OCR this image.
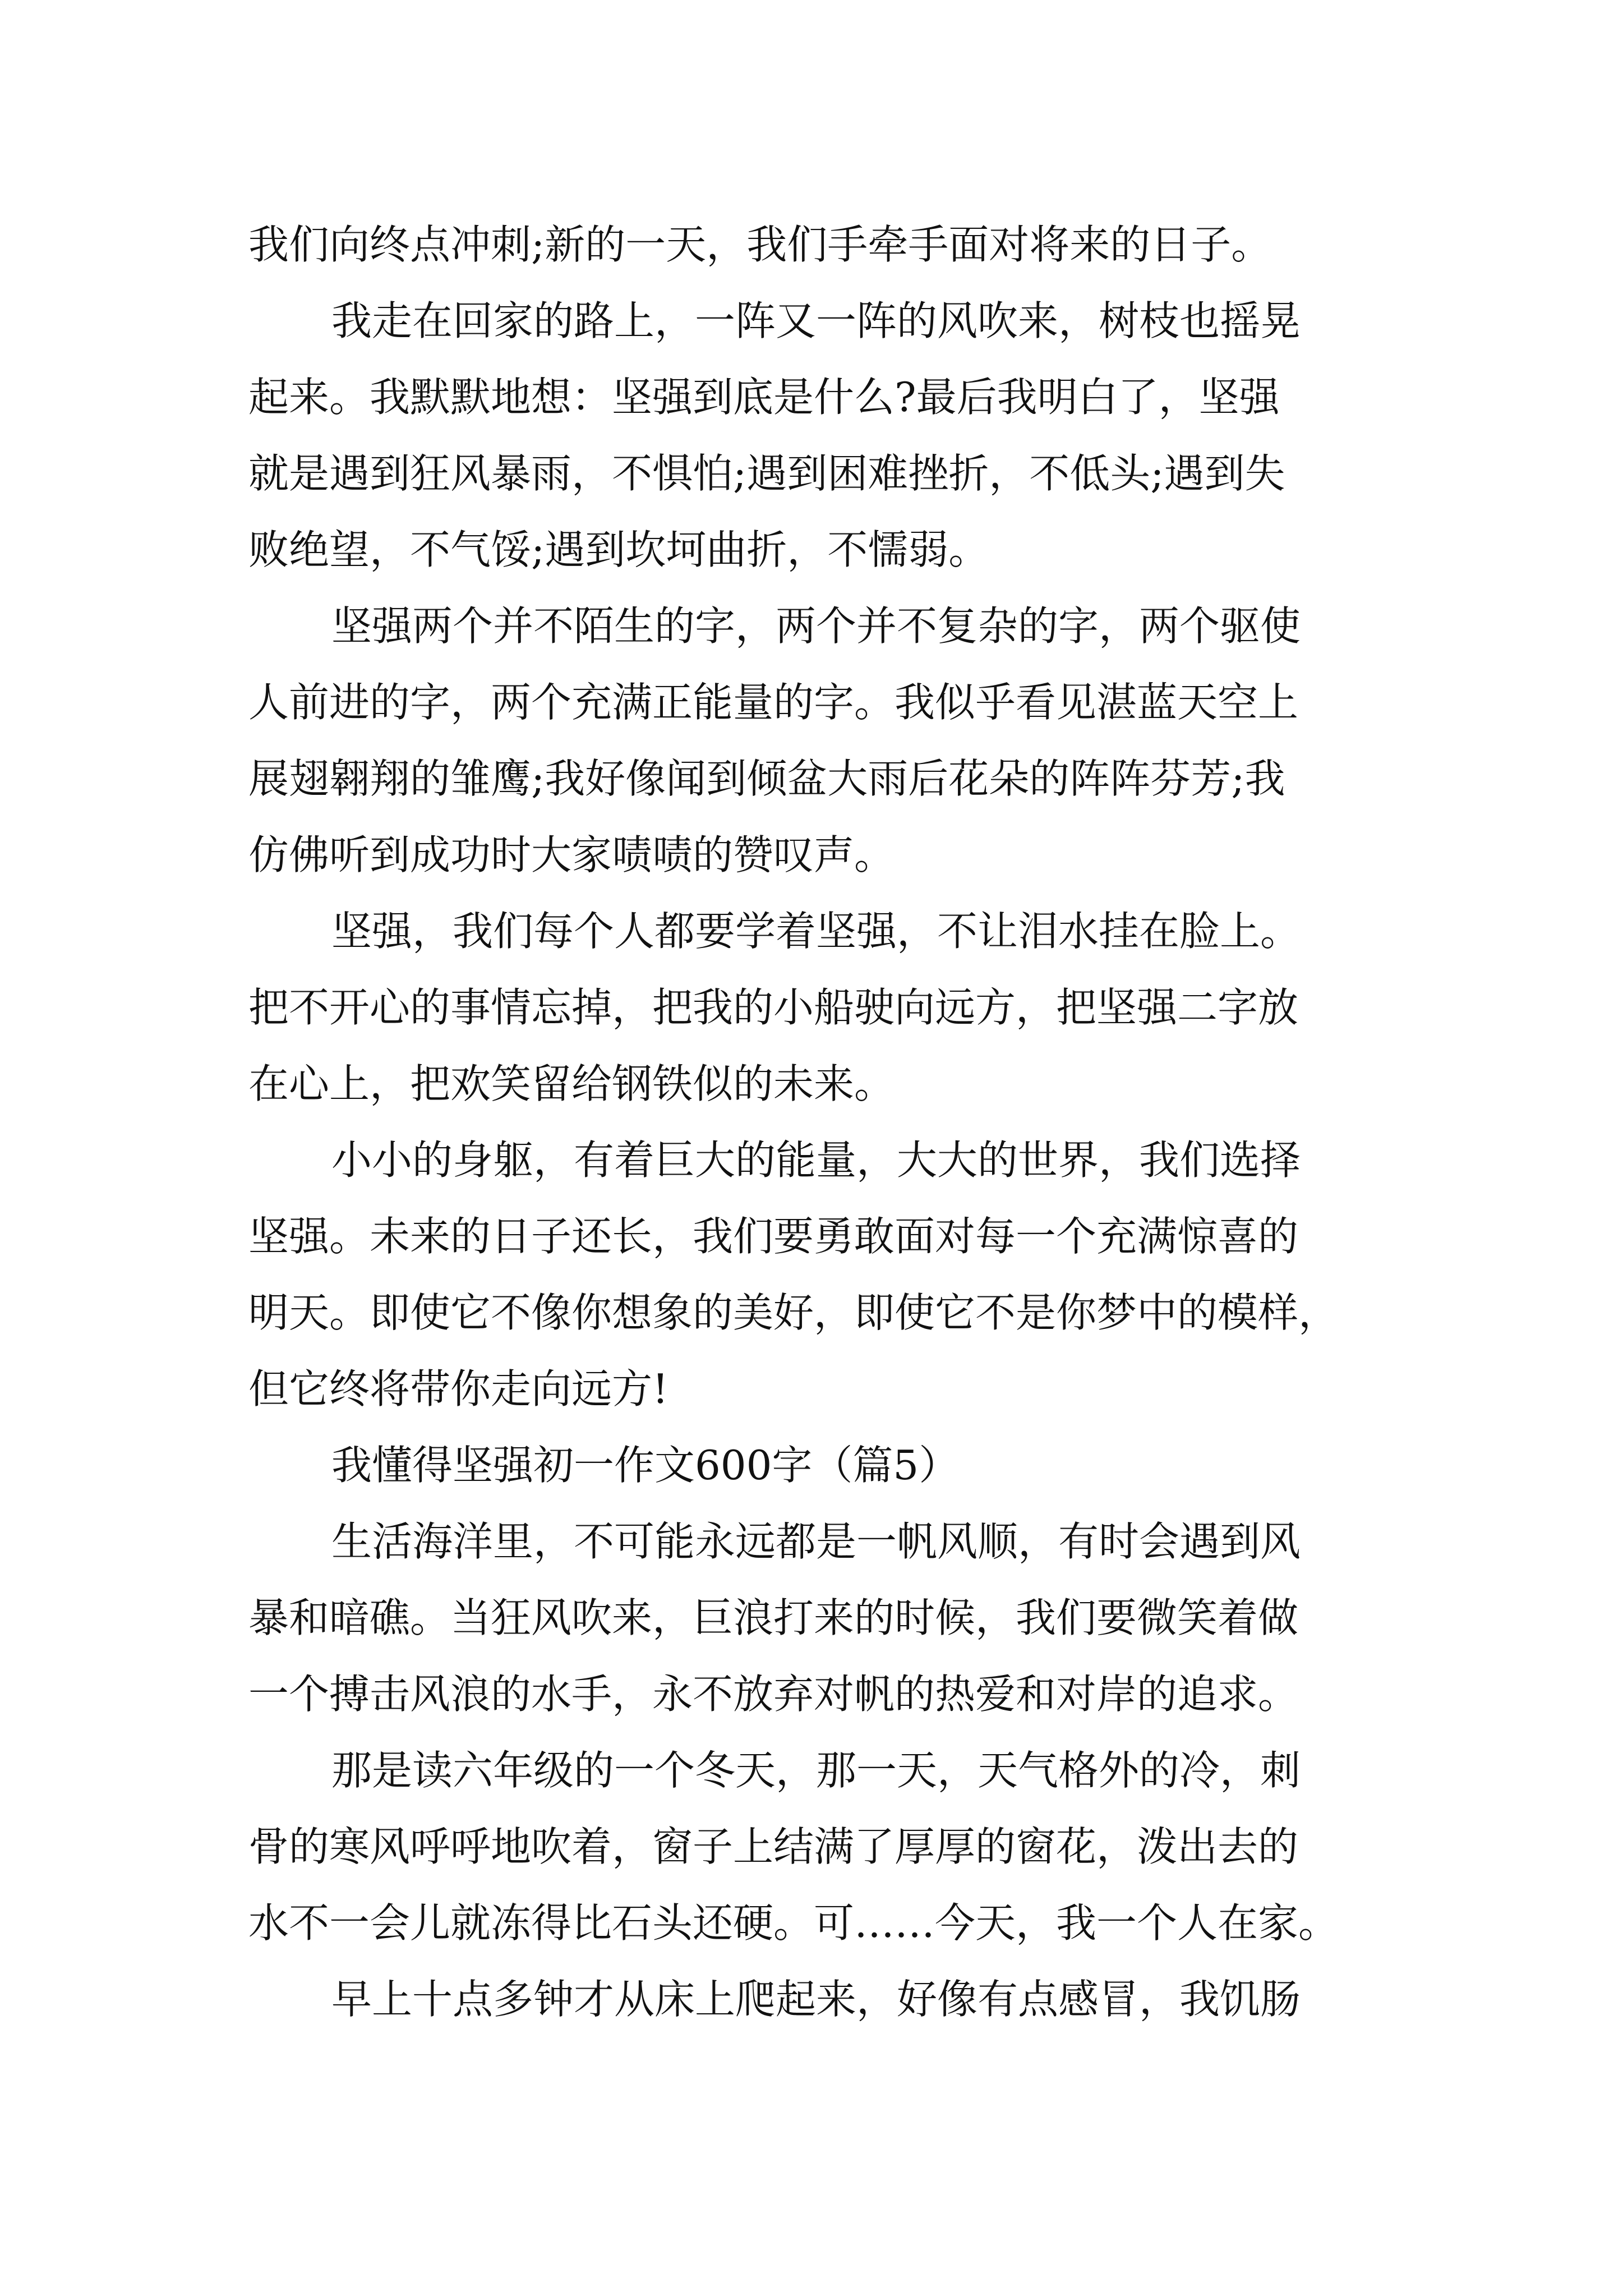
我们向终点冲刺;新的一天，我们手牵手面对将来的日子。
我走在回家的路上，一阵又一阵的风吹来，树枝也摇晃
起来。我默默地想：坚强到底是什么?最后我明白了，坚强
就是遇到狂风暴雨，不惧怕;遇到困难挫折，不低头;遇到失
败绝望，不气馁;遇到坎坷曲折，不懦弱。
坚强两个并不陌生的字，两个并不复杂的字，两个驱使
人前进的字，两个充满正能量的字。我似乎看见湛蓝天空上
展翅翱翔的雏鹰;我好像闻到倾盆大雨后花朵的阵阵芬芳;我
仿佛听到成功时大家啧啧的赞叹声。
坚强，我们每个人都要学着坚强，不让泪水挂在脸上。
把不开心的事情忘掉，把我的小船驶向远方，把坚强二字放
在心上，把欢笑留给钢铁似的未来。
小小的身躯，有着巨大的能量，大大的世界，我们选择
坚强。未来的日子还长，我们要勇敢面对每一个充满惊喜的
明天。即使它不像你想象的美好，即使它不是你梦中的模样，
但它终将带你走向远方!
我懂得坚强初一作文600字（篇5）
生活海洋里，不可能永远都是一帆风顺，有时会遇到风
暴和暗礁。当狂风吹来，巨浪打来的时候，我们要微笑着做
一个搏击风浪的水手，永不放弃对帆的热爱和对岸的追求。
那是读六年级的一个冬天，那一天，天气格外的冷，刺
骨的寒风呼呼地吹着，窗子上结满了厚厚的窗花，泼出去的
水不一会儿就冻得比石头还硬。可……今天，我一个人在家。
早上十点多钟才从床上爬起来，好像有点感冒，我饥肠
